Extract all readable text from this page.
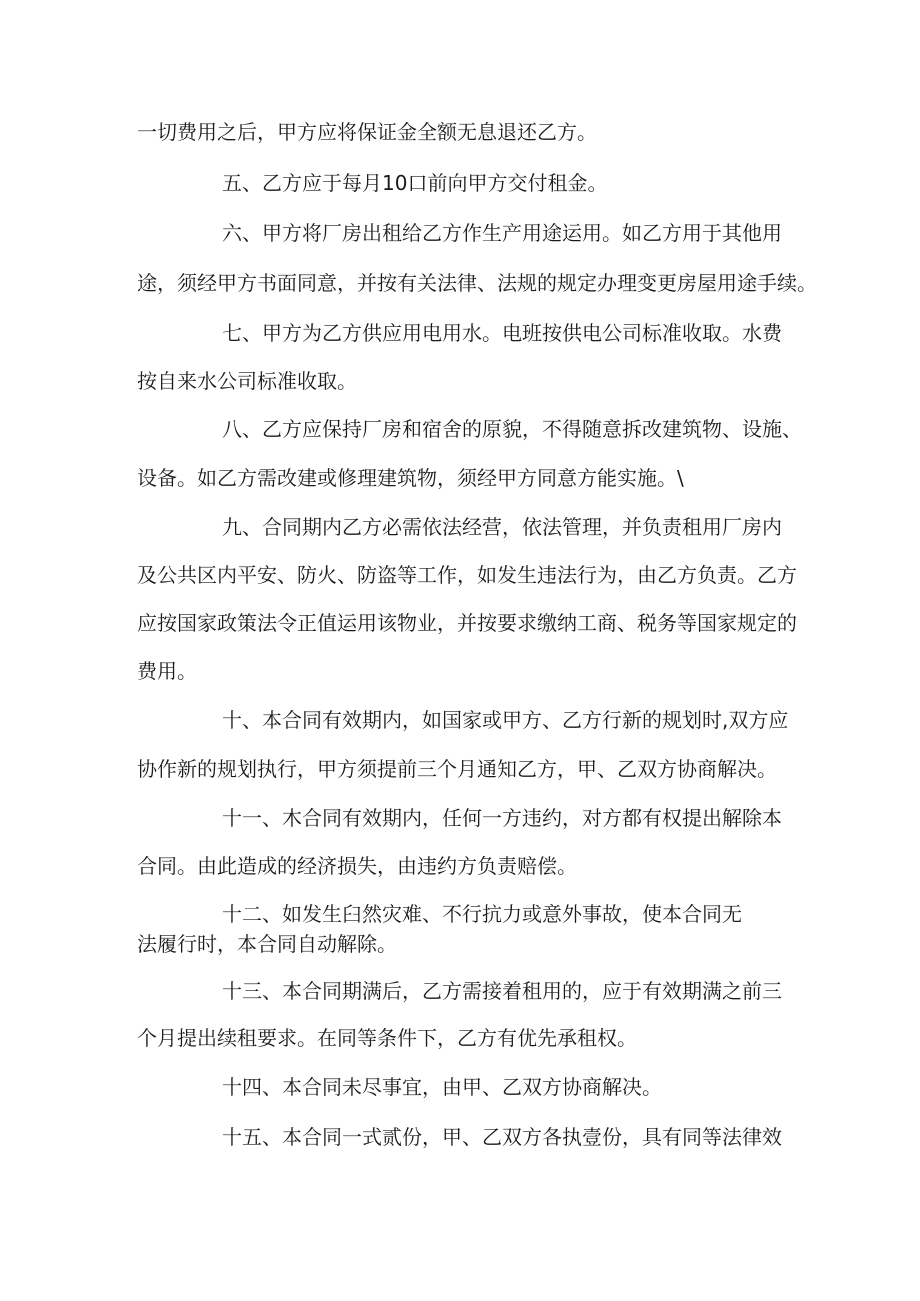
一切费用之后，甲方应将保证金全额无息退还乙方。
五、乙方应于每月10口前向甲方交付租金。
六、甲方将厂房出租给乙方作生产用途运用。如乙方用于其他用
途，须经甲方书面同意，并按有关法律、法规的规定办理变更房屋用途手续。
七、甲方为乙方供应用电用水。电班按供电公司标准收取。水费
按自来水公司标准收取。
八、乙方应保持厂房和宿舍的原貌，不得随意拆改建筑物、设施、
设备。如乙方需改建或修理建筑物，须经甲方同意方能实施。\
九、合同期内乙方必需依法经营，依法管理，并负责租用厂房内
及公共区内平安、防火、防盗等工作，如发生违法行为，由乙方负责。乙方
应按国家政策法令正值运用该物业，并按要求缴纳工商、税务等国家规定的
费用。
十、本合同有效期内，如国家或甲方、乙方行新的规划时,双方应
协作新的规划执行，甲方须提前三个月通知乙方，甲、乙双方协商解决。
十一、木合同有效期内，任何一方违约，对方都有权提出解除本
合同。由此造成的经济损失，由违约方负责赔偿。
十二、如发生臼然灾难、不行抗力或意外事故，使本合同无
法履行时，本合同自动解除。
十三、本合同期满后，乙方需接着租用的，应于有效期满之前三
个月提出续租要求。在同等条件下，乙方有优先承租权。
十四、本合同未尽事宜，由甲、乙双方协商解决。
十五、本合同一式贰份，甲、乙双方各执壹份，具有同等法律效
